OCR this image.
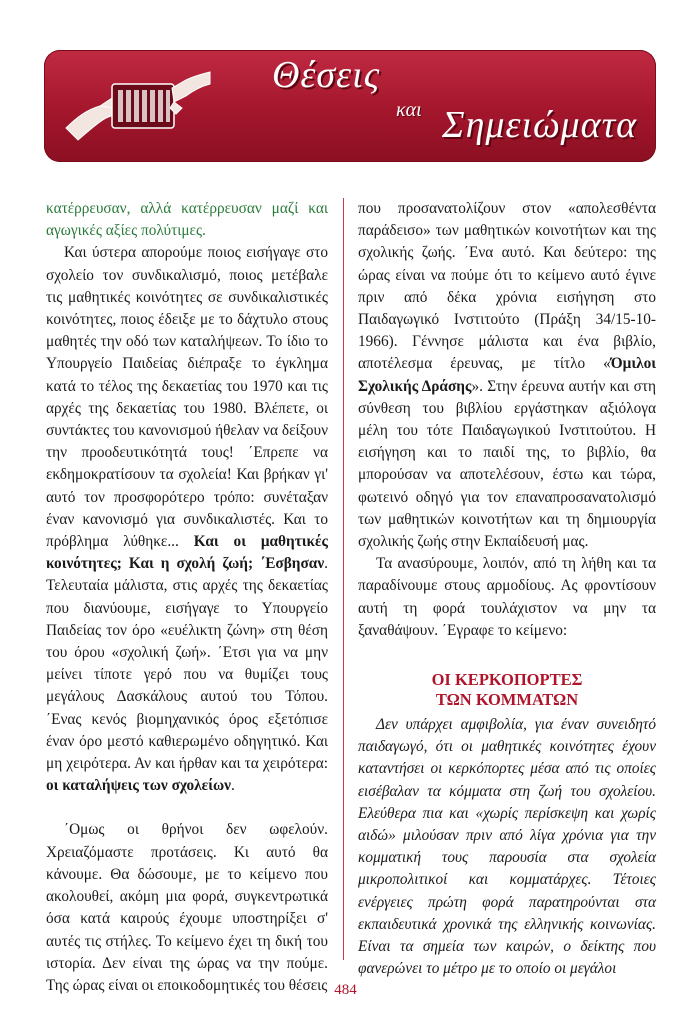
Θέσεις
και Σημειώματα

κατέρρευσαν, αλλά κατέρρευσαν μαζί και αγωγικές αξίες πολύτιμες.

Και ύστερα απορούμε ποιος εισήγαγε στο σχολείο τον συνδικαλισμό, ποιος μετέβαλε τις μαθητικές κοινότητες σε συνδικαλιστικές κοινότητες, ποιος έδειξε με το δάχτυλο στους μαθητές την οδό των καταλήψεων. Το ίδιο το Υπουργείο Παιδείας διέπραξε το έγκλημα κατά το τέλος της δεκαετίας του 1970 και τις αρχές της δεκαετίας του 1980. Βλέπετε, οι συντάκτες του κανονισμού ήθελαν να δείξουν την προοδευτικότητά τους! ΄Επρεπε να εκδημοκρατίσουν τα σχολεία! Και βρήκαν γι' αυτό τον προσφορότερο τρόπο: συνέταξαν έναν κανονισμό για συνδικαλιστές. Και το πρόβλημα λύθηκε... Και οι μαθητικές κοινότητες; Και η σχολή ζωή; ΄Εσβησαν. Τελευταία μάλιστα, στις αρχές της δεκαετίας που διανύουμε, εισήγαγε το Υπουργείο Παιδείας τον όρο «ευέλικτη ζώνη» στη θέση του όρου «σχολική ζωή». ΄Ετσι για να μην μείνει τίποτε γερό που να θυμίζει τους μεγάλους Δασκάλους αυτού του Τόπου. ΄Ενας κενός βιομηχανικός όρος εξετόπισε έναν όρο μεστό καθιερωμένο οδηγητικό. Και μη χειρότερα. Αν και ήρθαν και τα χειρότερα: οι καταλήψεις των σχολείων.

΄Ομως οι θρήνοι δεν ωφελούν. Χρειαζόμαστε προτάσεις. Κι αυτό θα κάνουμε. Θα δώσουμε, με το κείμενο που ακολουθεί, ακόμη μια φορά, συγκεντρωτικά όσα κατά καιρούς έχουμε υποστηρίξει σ' αυτές τις στήλες. Το κείμενο έχει τη δική του ιστορία. Δεν είναι της ώρας να την πούμε. Της ώρας είναι οι εποικοδομητικές του θέσεις

που προσανατολίζουν στον «απολεσθέντα παράδεισο» των μαθητικών κοινοτήτων και της σχολικής ζωής. ΄Ενα αυτό. Και δεύτερο: της ώρας είναι να πούμε ότι το κείμενο αυτό έγινε πριν από δέκα χρόνια εισήγηση στο Παιδαγωγικό Ινστιτούτο (Πράξη 34/15-10-1966). Γέννησε μάλιστα και ένα βιβλίο, αποτέλεσμα έρευνας, με τίτλο «Όμιλοι Σχολικής Δράσης». Στην έρευνα αυτήν και στη σύνθεση του βιβλίου εργάστηκαν αξιόλογα μέλη του τότε Παιδαγωγικού Ινστιτούτου. Η εισήγηση και το παιδί της, το βιβλίο, θα μπορούσαν να αποτελέσουν, έστω και τώρα, φωτεινό οδηγό για τον επαναπροσανατολισμό των μαθητικών κοινοτήτων και τη δημιουργία σχολικής ζωής στην Εκπαίδευσή μας.

Τα ανασύρουμε, λοιπόν, από τη λήθη και τα παραδίνουμε στους αρμοδίους. Ας φροντίσουν αυτή τη φορά τουλάχιστον να μην τα ξαναθάψουν. ΄Εγραφε το κείμενο:

ΟΙ ΚΕΡΚΟΠΟΡΤΕΣ
ΤΩΝ ΚΟΜΜΑΤΩΝ

Δεν υπάρχει αμφιβολία, για έναν συνειδητό παιδαγωγό, ότι οι μαθητικές κοινότητες έχουν καταντήσει οι κερκόπορτες μέσα από τις οποίες εισέβαλαν τα κόμματα στη ζωή του σχολείου. Ελεύθερα πια και «χωρίς περίσκεψη και χωρίς αιδώ» μιλούσαν πριν από λίγα χρόνια για την κομματική τους παρουσία στα σχολεία μικροπολιτικοί και κομματάρχες. Τέτοιες ενέργειες πρώτη φορά παρατηρούνται στα εκπαιδευτικά χρονικά της ελληνικής κοινωνίας. Είναι τα σημεία των καιρών, ο δείκτης που φανερώνει το μέτρο με το οποίο οι μεγάλοι

484
